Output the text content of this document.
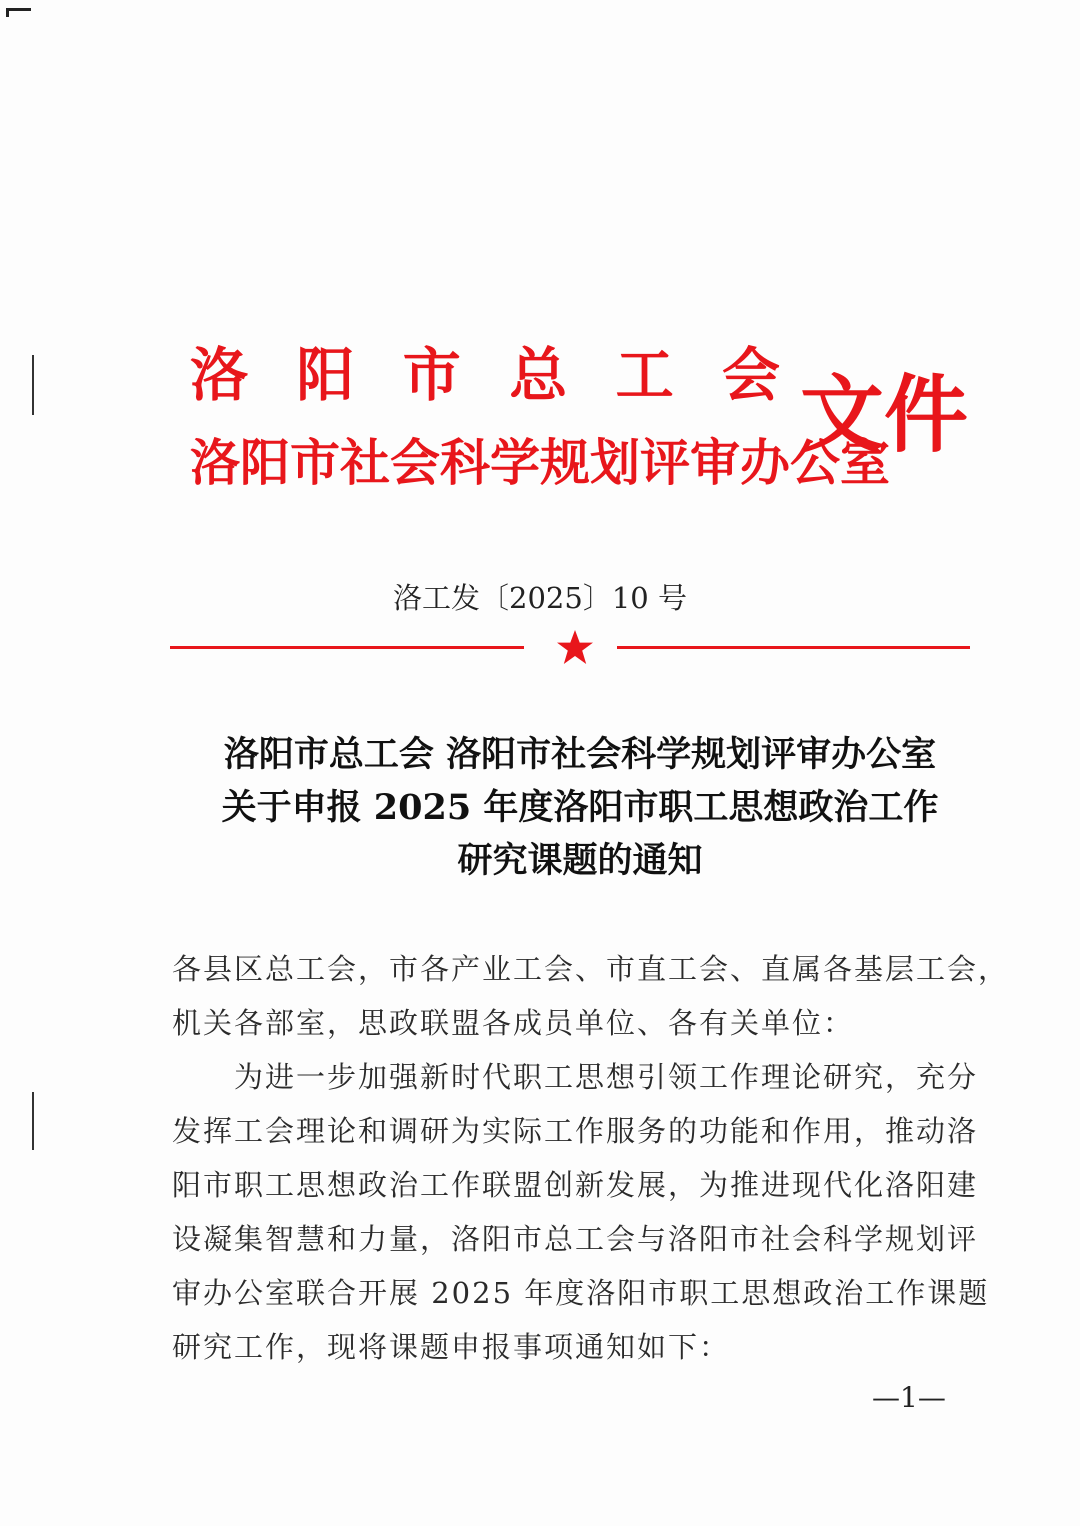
洛 阳 市 总 工 会
洛阳市社会科学规划评审办公室
文件
洛工发〔2025〕10 号
洛阳市总工会 洛阳市社会科学规划评审办公室
关于申报 2025 年度洛阳市职工思想政治工作
研究课题的通知
各县区总工会，市各产业工会、市直工会、直属各基层工会，
机关各部室，思政联盟各成员单位、各有关单位：
　　为进一步加强新时代职工思想引领工作理论研究，充分
发挥工会理论和调研为实际工作服务的功能和作用，推动洛
阳市职工思想政治工作联盟创新发展，为推进现代化洛阳建
设凝集智慧和力量，洛阳市总工会与洛阳市社会科学规划评
审办公室联合开展 2025 年度洛阳市职工思想政治工作课题
研究工作，现将课题申报事项通知如下：
—1—
